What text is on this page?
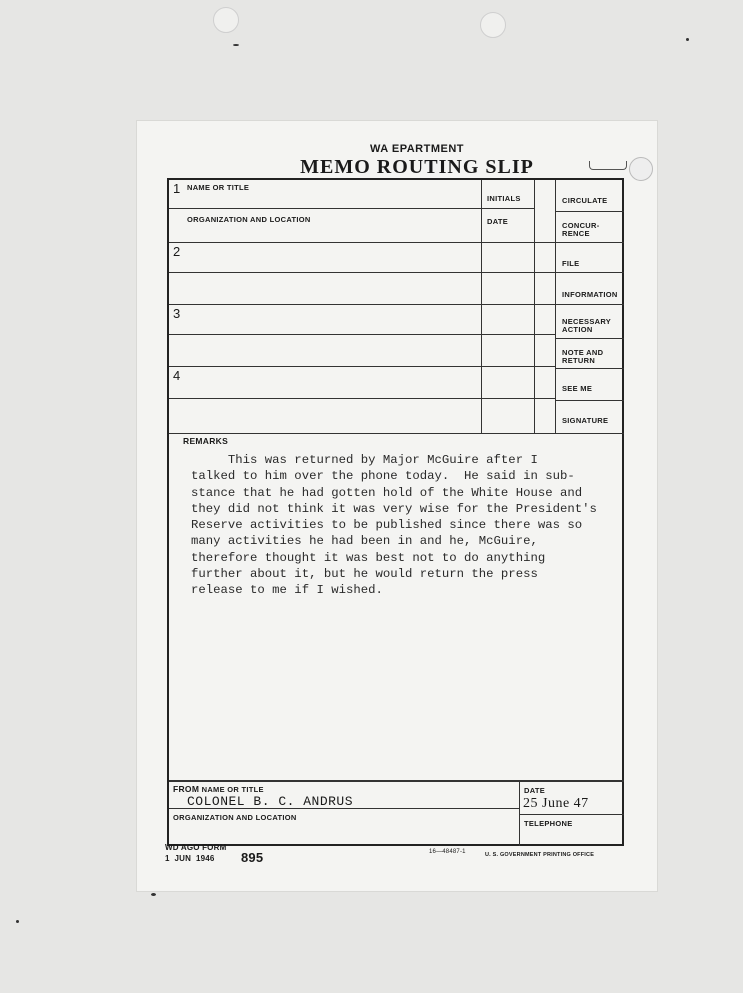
WA EPARTMENT
MEMO ROUTING SLIP
1 NAME OR TITLE
ORGANIZATION AND LOCATION
INITIALS
DATE
2
3
4
CIRCULATE
CONCUR-
RENCE
FILE
INFORMATION
NECESSARY
ACTION
NOTE AND
RETURN
SEE ME
SIGNATURE
REMARKS
This was returned by Major McGuire after I
talked to him over the phone today.  He said in sub-
stance that he had gotten hold of the White House and
they did not think it was very wise for the President's
Reserve activities to be published since there was so
many activities he had been in and he, McGuire,
therefore thought it was best not to do anything
further about it, but he would return the press
release to me if I wished.
FROM NAME OR TITLE
COLONEL B. C. ANDRUS
ORGANIZATION AND LOCATION
DATE
25 June 47
TELEPHONE
WD AGO FORM
1  JUN  1946 895	16—48487-1	U. S. GOVERNMENT PRINTING OFFICE
